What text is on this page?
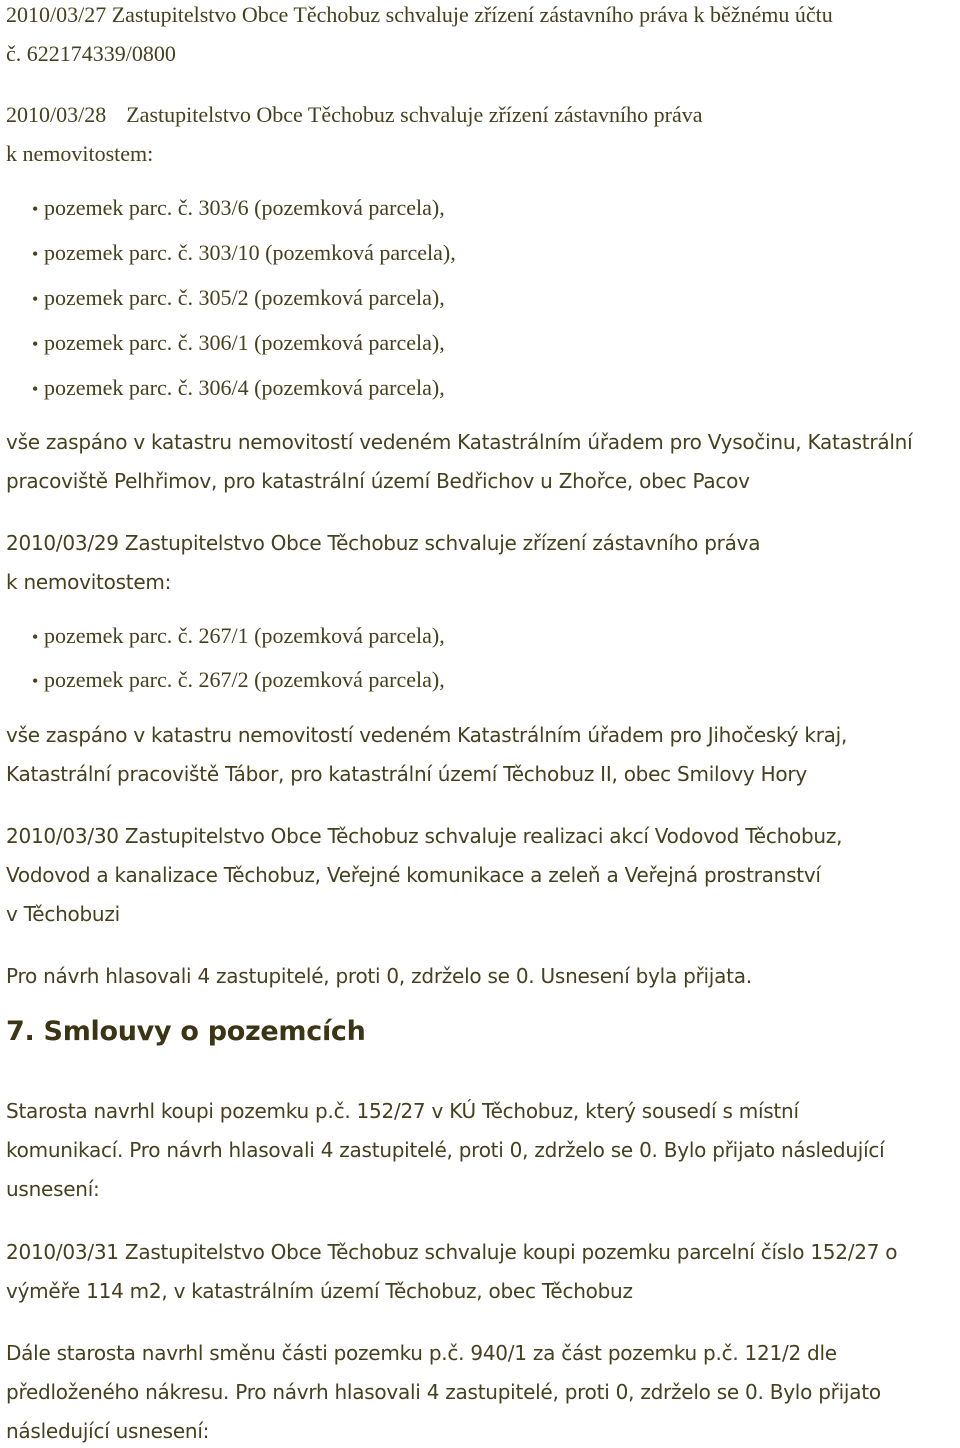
2010/03/27 Zastupitelstvo Obce Těchobuz schvaluje zřízení zástavního práva k běžnému účtu
č. 622174339/0800
2010/03/28 Zastupitelstvo Obce Těchobuz schvaluje zřízení zástavního práva
k nemovitostem:
• pozemek parc. č. 303/6 (pozemková parcela),
• pozemek parc. č. 303/10 (pozemková parcela),
• pozemek parc. č. 305/2 (pozemková parcela),
• pozemek parc. č. 306/1 (pozemková parcela),
• pozemek parc. č. 306/4 (pozemková parcela),
vše zaspáno v katastru nemovitostí vedeném Katastrálním úřadem pro Vysočinu, Katastrální
pracoviště Pelhřimov, pro katastrální území Bedřichov u Zhořce, obec Pacov
2010/03/29 Zastupitelstvo Obce Těchobuz schvaluje zřízení zástavního práva
k nemovitostem:
• pozemek parc. č. 267/1 (pozemková parcela),
• pozemek parc. č. 267/2 (pozemková parcela),
vše zaspáno v katastru nemovitostí vedeném Katastrálním úřadem pro Jihočeský kraj,
Katastrální pracoviště Tábor, pro katastrální území Těchobuz II, obec Smilovy Hory
2010/03/30 Zastupitelstvo Obce Těchobuz schvaluje realizaci akcí Vodovod Těchobuz,
Vodovod a kanalizace Těchobuz, Veřejné komunikace a zeleň a Veřejná prostranství
v Těchobuzi
Pro návrh hlasovali 4 zastupitelé, proti 0, zdrželo se 0. Usnesení byla přijata.
7. Smlouvy o pozemcích
Starosta navrhl koupi pozemku p.č. 152/27 v KÚ Těchobuz, který sousedí s místní
komunikací. Pro návrh hlasovali 4 zastupitelé, proti 0, zdrželo se 0. Bylo přijato následující
usnesení:
2010/03/31 Zastupitelstvo Obce Těchobuz schvaluje koupi pozemku parcelní číslo 152/27 o
výměře 114 m2, v katastrálním území Těchobuz, obec Těchobuz
Dále starosta navrhl směnu části pozemku p.č. 940/1 za část pozemku p.č. 121/2 dle
předloženého nákresu. Pro návrh hlasovali 4 zastupitelé, proti 0, zdrželo se 0. Bylo přijato
následující usnesení:
